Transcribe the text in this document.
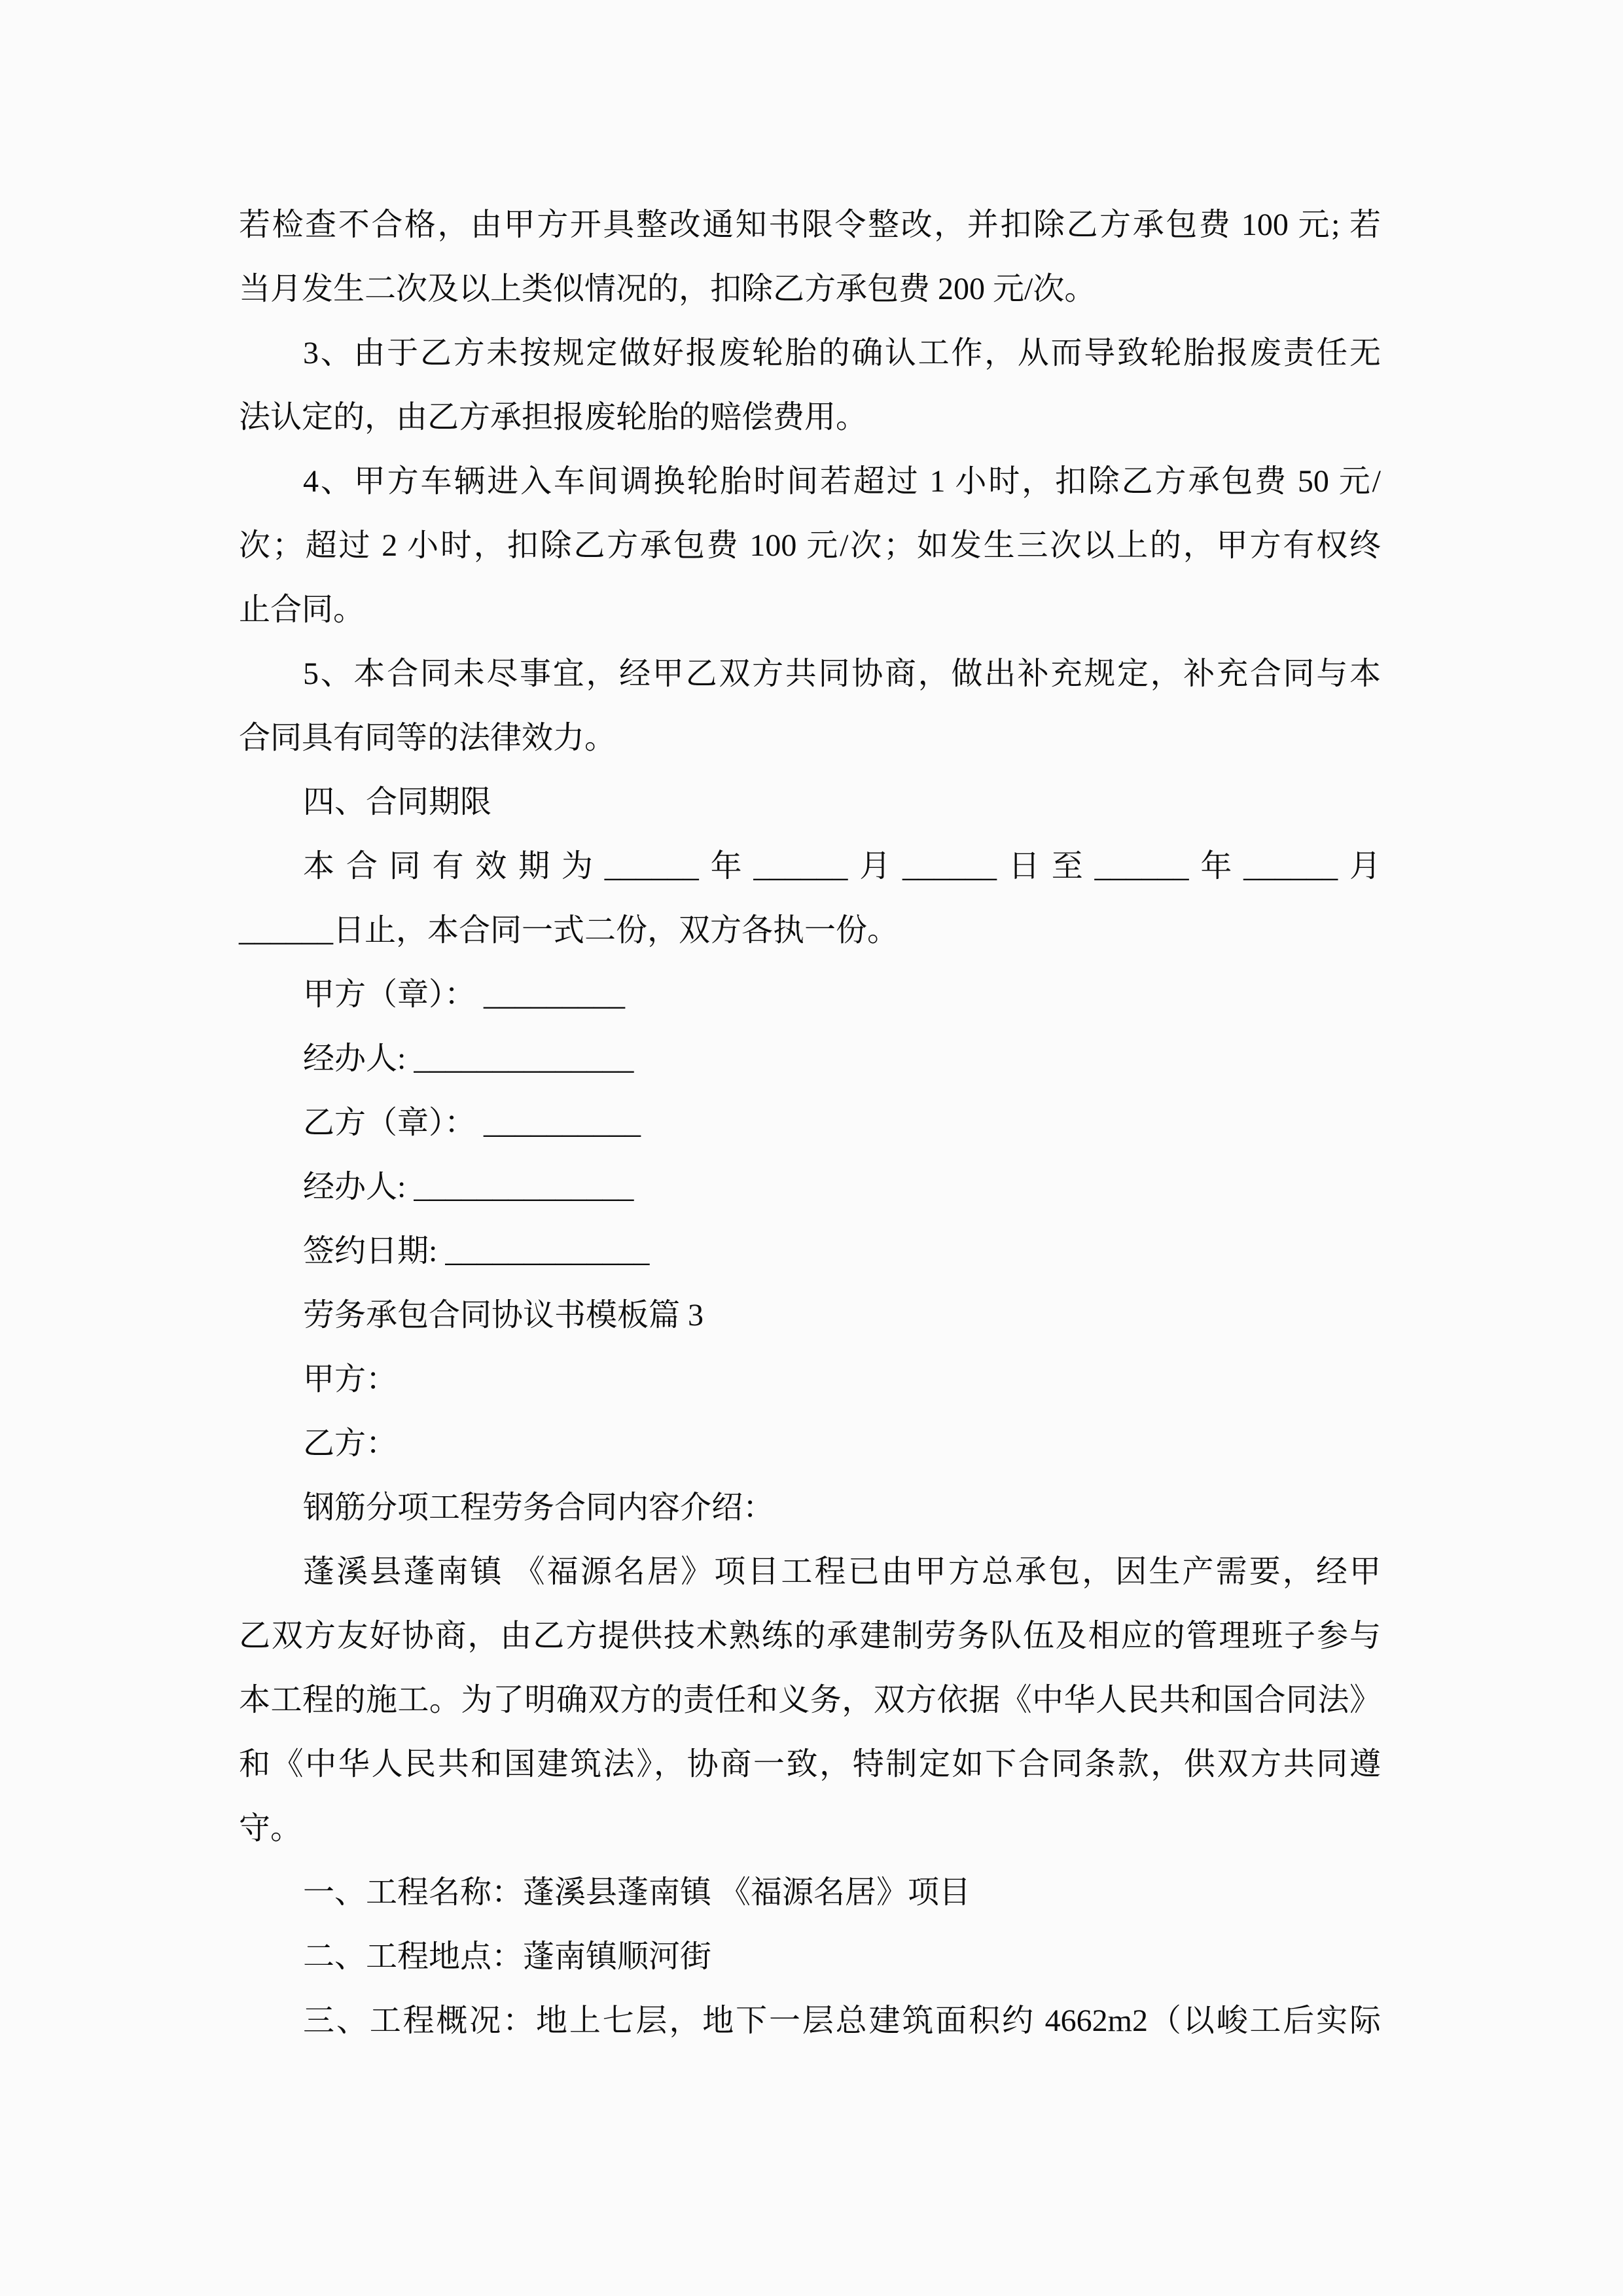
若检查不合格，由甲方开具整改通知书限令整改，并扣除乙方承包费 100 元; 若

当月发生二次及以上类似情况的，扣除乙方承包费 200 元/次。

3、由于乙方未按规定做好报废轮胎的确认工作，从而导致轮胎报废责任无

法认定的，由乙方承担报废轮胎的赔偿费用。

4、甲方车辆进入车间调换轮胎时间若超过 1 小时，扣除乙方承包费 50 元/

次；超过 2 小时，扣除乙方承包费 100 元/次；如发生三次以上的，甲方有权终

止合同。

5、本合同未尽事宜，经甲乙双方共同协商，做出补充规定，补充合同与本

合同具有同等的法律效力。

四、合同期限

本合同有效期为______年______月______日至______年______月

______日止，本合同一式二份，双方各执一份。

甲方（章）： _________

经办人: ______________

乙方（章）： __________

经办人: ______________

签约日期: _____________

劳务承包合同协议书模板篇 3

甲方：

乙方：

钢筋分项工程劳务合同内容介绍：

蓬溪县蓬南镇 《福源名居》项目工程已由甲方总承包，因生产需要，经甲

乙双方友好协商，由乙方提供技术熟练的承建制劳务队伍及相应的管理班子参与

本工程的施工。为了明确双方的责任和义务，双方依据《中华人民共和国合同法》

和《中华人民共和国建筑法》，协商一致，特制定如下合同条款，供双方共同遵

守。

一、工程名称：蓬溪县蓬南镇 《福源名居》项目

二、工程地点：蓬南镇顺河街

三、工程概况：地上七层，地下一层总建筑面积约 4662m2（以峻工后实际
